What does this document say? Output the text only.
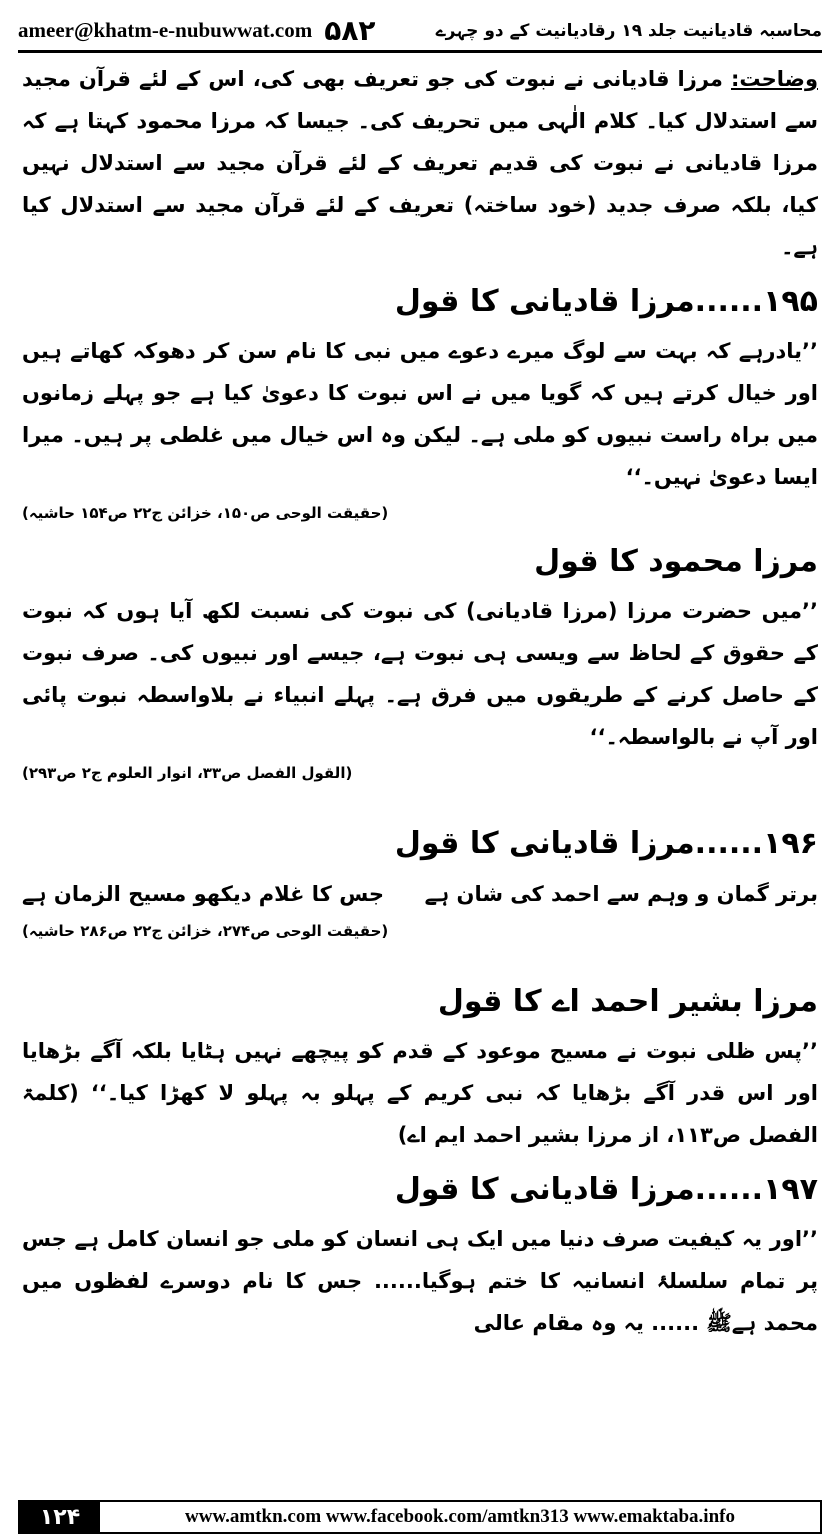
ameer@khatm-e-nubuwwat.com ۵۸۲	محاسبہ قادیانیت جلد ۱۹ رقادیانیت کے دو چہرے

وضاحت: مرزا قادیانی نے نبوت کی جو تعریف بھی کی، اس کے لئے قرآن مجید سے استدلال کیا۔ کلام الٰہی میں تحریف کی۔ جیسا کہ مرزا محمود کہتا ہے کہ مرزا قادیانی نے نبوت کی قدیم تعریف کے لئے قرآن مجید سے استدلال نہیں کیا، بلکہ صرف جدید (خود ساختہ) تعریف کے لئے قرآن مجید سے استدلال کیا ہے۔

۱۹۵......مرزا قادیانی کا قول

’’یادرہے کہ بہت سے لوگ میرے دعوے میں نبی کا نام سن کر دھوکہ کھاتے ہیں اور خیال کرتے ہیں کہ گویا میں نے اس نبوت کا دعویٰ کیا ہے جو پہلے زمانوں میں براہ راست نبیوں کو ملی ہے۔ لیکن وہ اس خیال میں غلطی پر ہیں۔ میرا ایسا دعویٰ نہیں۔‘‘

(حقیقت الوحی ص۱۵۰، خزائن ج۲۲ ص۱۵۴ حاشیہ)
مرزا محمود کا قول

’’میں حضرت مرزا (مرزا قادیانی) کی نبوت کی نسبت لکھ آیا ہوں کہ نبوت کے حقوق کے لحاظ سے ویسی ہی نبوت ہے، جیسے اور نبیوں کی۔ صرف نبوت کے حاصل کرنے کے طریقوں میں فرق ہے۔ پہلے انبیاء نے بلاواسطہ نبوت پائی اور آپ نے بالواسطہ۔‘‘

(القول الفصل ص۳۳، انوار العلوم ج۲ ص۲۹۳)
۱۹۶......مرزا قادیانی کا قول
برتر گمان و وہم سے احمد کی شان ہے
جس کا غلام دیکھو مسیح الزمان ہے
(حقیقت الوحی ص۲۷۴، خزائن ج۲۲ ص۲۸۶ حاشیہ)
مرزا بشیر احمد اے کا قول

’’پس ظلی نبوت نے مسیح موعود کے قدم کو پیچھے نہیں ہٹایا بلکہ آگے بڑھایا اور اس قدر آگے بڑھایا کہ نبی کریم کے پہلو بہ پہلو لا کھڑا کیا۔‘‘ (کلمۃ الفصل ص۱۱۳، از مرزا بشیر احمد ایم اے)

۱۹۷......مرزا قادیانی کا قول

’’اور یہ کیفیت صرف دنیا میں ایک ہی انسان کو ملی جو انسان کامل ہے جس پر تمام سلسلۂ انسانیہ کا ختم ہوگیا...... جس کا نام دوسرے لفظوں میں محمد ہےﷺ ...... یہ وہ مقام عالی

۱۲۴	www.amtkn.com www.facebook.com/amtkn313 www.emaktaba.info
